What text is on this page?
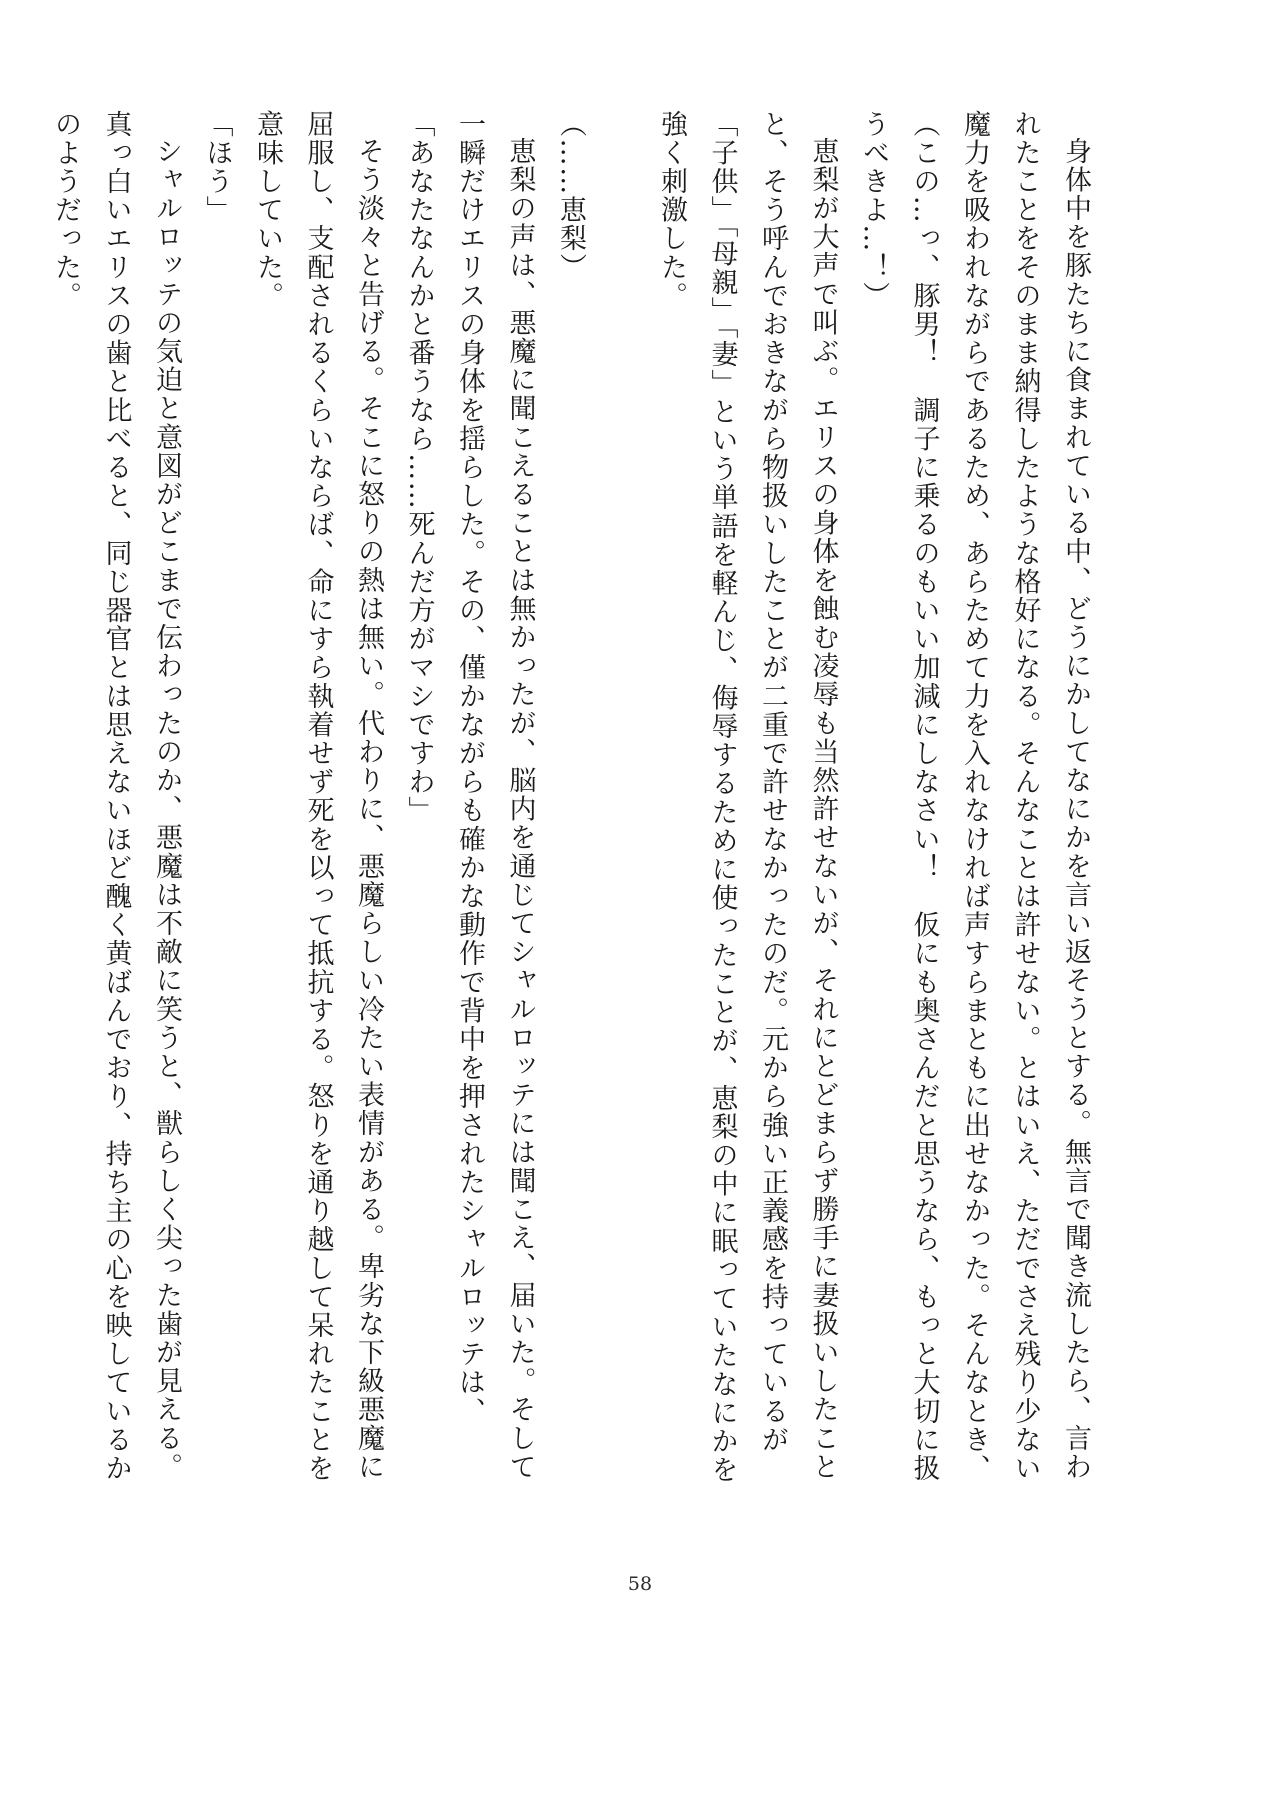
身体中を豚たちに食まれている中、どうにかしてなにかを言い返そうとする。無言で聞き流したら、言われたことをそのまま納得したような格好になる。そんなことは許せない。とはいえ、ただでさえ残り少ない魔力を吸われながらであるため、あらためて力を入れなければ声すらまともに出せなかった。そんなとき、

（この…っ、豚男！　調子に乗るのもいい加減にしなさい！　仮にも奥さんだと思うなら、もっと大切に扱うべきよ…！）

恵梨が大声で叫ぶ。エリスの身体を蝕む凌辱も当然許せないが、それにとどまらず勝手に妻扱いしたことと、そう呼んでおきながら物扱いしたことが二重で許せなかったのだ。元から強い正義感を持っているが「子供」「母親」「妻」という単語を軽んじ、侮辱するために使ったことが、恵梨の中に眠っていたなにかを強く刺激した。

（……恵梨）

恵梨の声は、悪魔に聞こえることは無かったが、脳内を通じてシャルロッテには聞こえ、届いた。そして一瞬だけエリスの身体を揺らした。その、僅かながらも確かな動作で背中を押されたシャルロッテは、

「あなたなんかと番うなら……死んだ方がマシですわ」

そう淡々と告げる。そこに怒りの熱は無い。代わりに、悪魔らしい冷たい表情がある。卑劣な下級悪魔に屈服し、支配されるくらいならば、命にすら執着せず死を以って抵抗する。怒りを通り越して呆れたことを意味していた。

「ほう」

シャルロッテの気迫と意図がどこまで伝わったのか、悪魔は不敵に笑うと、獣らしく尖った歯が見える。真っ白いエリスの歯と比べると、同じ器官とは思えないほど醜く黄ばんでおり、持ち主の心を映しているかのようだった。

58
